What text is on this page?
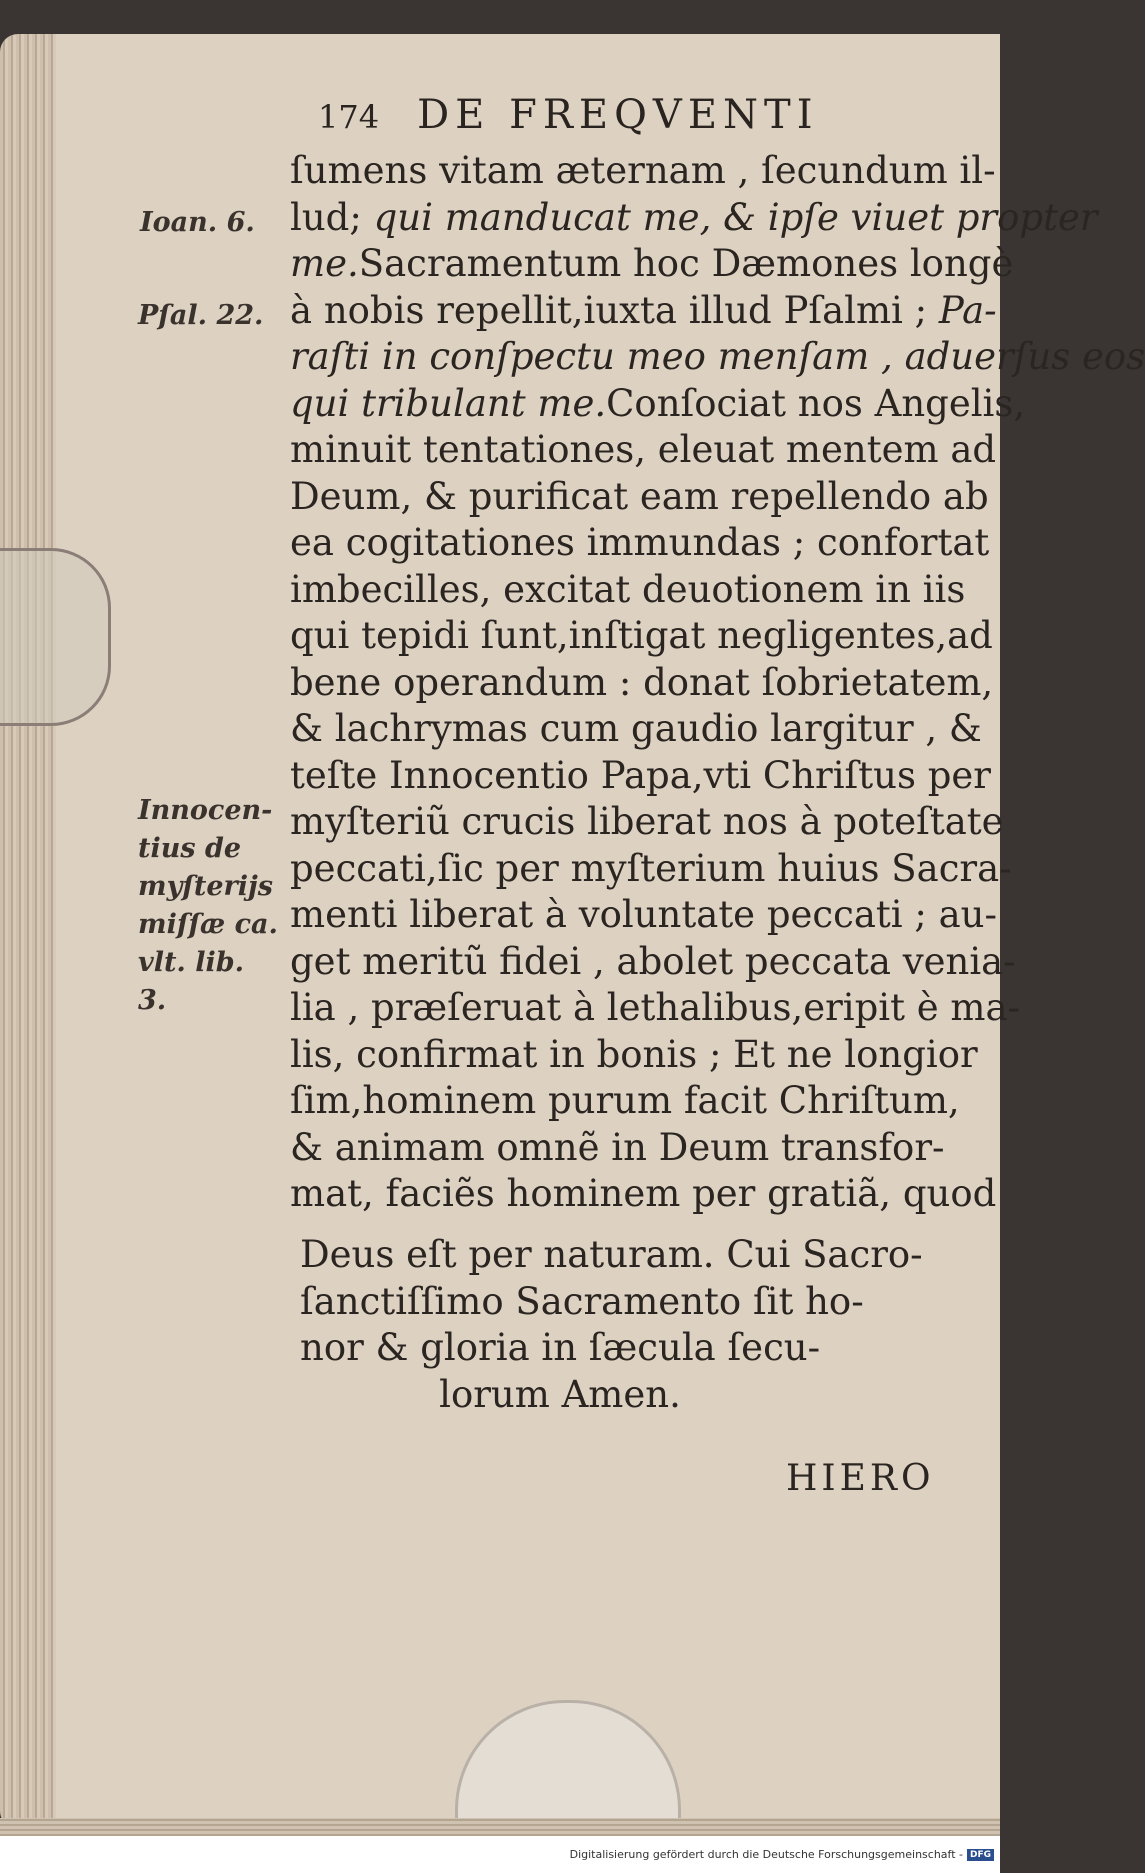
174 DE FREQVENTI
Ioan. 6.
Pſal. 22.
Innocen-
tius de
myſterijs
miſſæ ca.
vlt. lib.
3.
ſumens vitam æternam , ſecundum il-
lud; qui manducat me, & ipſe viuet propter
me.Sacramentum hoc Dæmones longè
à nobis repellit,iuxta illud Pſalmi ; Pa-
raſti in conſpectu meo menſam , aduerſus eos
qui tribulant me.Conſociat nos Angelis,
minuit tentationes, eleuat mentem ad
Deum, & purificat eam repellendo ab
ea cogitationes immundas ; confortat
imbecilles, excitat deuotionem in iis
qui tepidi ſunt,inſtigat negligentes,ad
bene operandum : donat ſobrietatem,
& lachrymas cum gaudio largitur , &
teſte Innocentio Papa,vti Chriſtus per
myſteriũ crucis liberat nos à poteſtate
peccati,ſic per myſterium huius Sacra-
menti liberat à voluntate peccati ; au-
get meritũ fidei , abolet peccata venia-
lia , præſeruat à lethalibus,eripit è ma-
lis, confirmat in bonis ; Et ne longior
ſim,hominem purum facit Chriſtum,
& animam omnẽ in Deum transfor-
mat, faciẽs hominem per gratiã, quod
Deus eſt per naturam. Cui Sacro-
ſanctiſſimo Sacramento ſit ho-
nor & gloria in ſæcula ſecu-
lorum Amen.
HIERO
Digitalisierung gefördert durch die Deutsche Forschungsgemeinschaft - DFG
